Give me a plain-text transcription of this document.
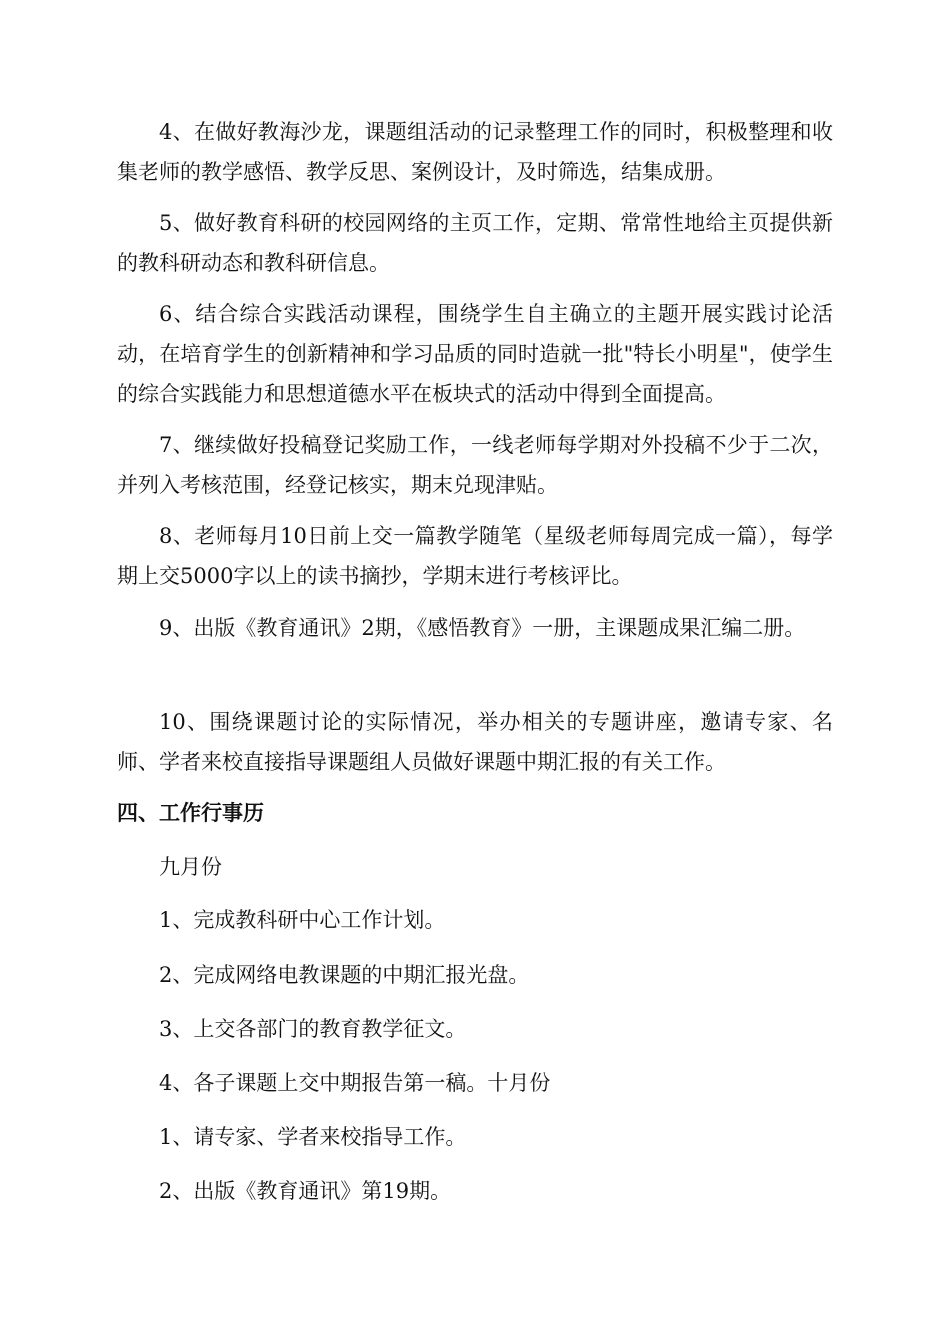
4、在做好教海沙龙，课题组活动的记录整理工作的同时，积极整理和收集老师的教学感悟、教学反思、案例设计，及时筛选，结集成册。

5、做好教育科研的校园网络的主页工作，定期、常常性地给主页提供新的教科研动态和教科研信息。

6、结合综合实践活动课程，围绕学生自主确立的主题开展实践讨论活动，在培育学生的创新精神和学习品质的同时造就一批"特长小明星"，使学生的综合实践能力和思想道德水平在板块式的活动中得到全面提高。

7、继续做好投稿登记奖励工作，一线老师每学期对外投稿不少于二次，并列入考核范围，经登记核实，期末兑现津贴。

8、老师每月10日前上交一篇教学随笔（星级老师每周完成一篇），每学期上交5000字以上的读书摘抄，学期末进行考核评比。

9、出版《教育通讯》2期，《感悟教育》一册，主课题成果汇编二册。

10、围绕课题讨论的实际情况，举办相关的专题讲座，邀请专家、名师、学者来校直接指导课题组人员做好课题中期汇报的有关工作。

四、工作行事历

九月份

1、完成教科研中心工作计划。

2、完成网络电教课题的中期汇报光盘。

3、上交各部门的教育教学征文。

4、各子课题上交中期报告第一稿。十月份

1、请专家、学者来校指导工作。

2、出版《教育通讯》第19期。
